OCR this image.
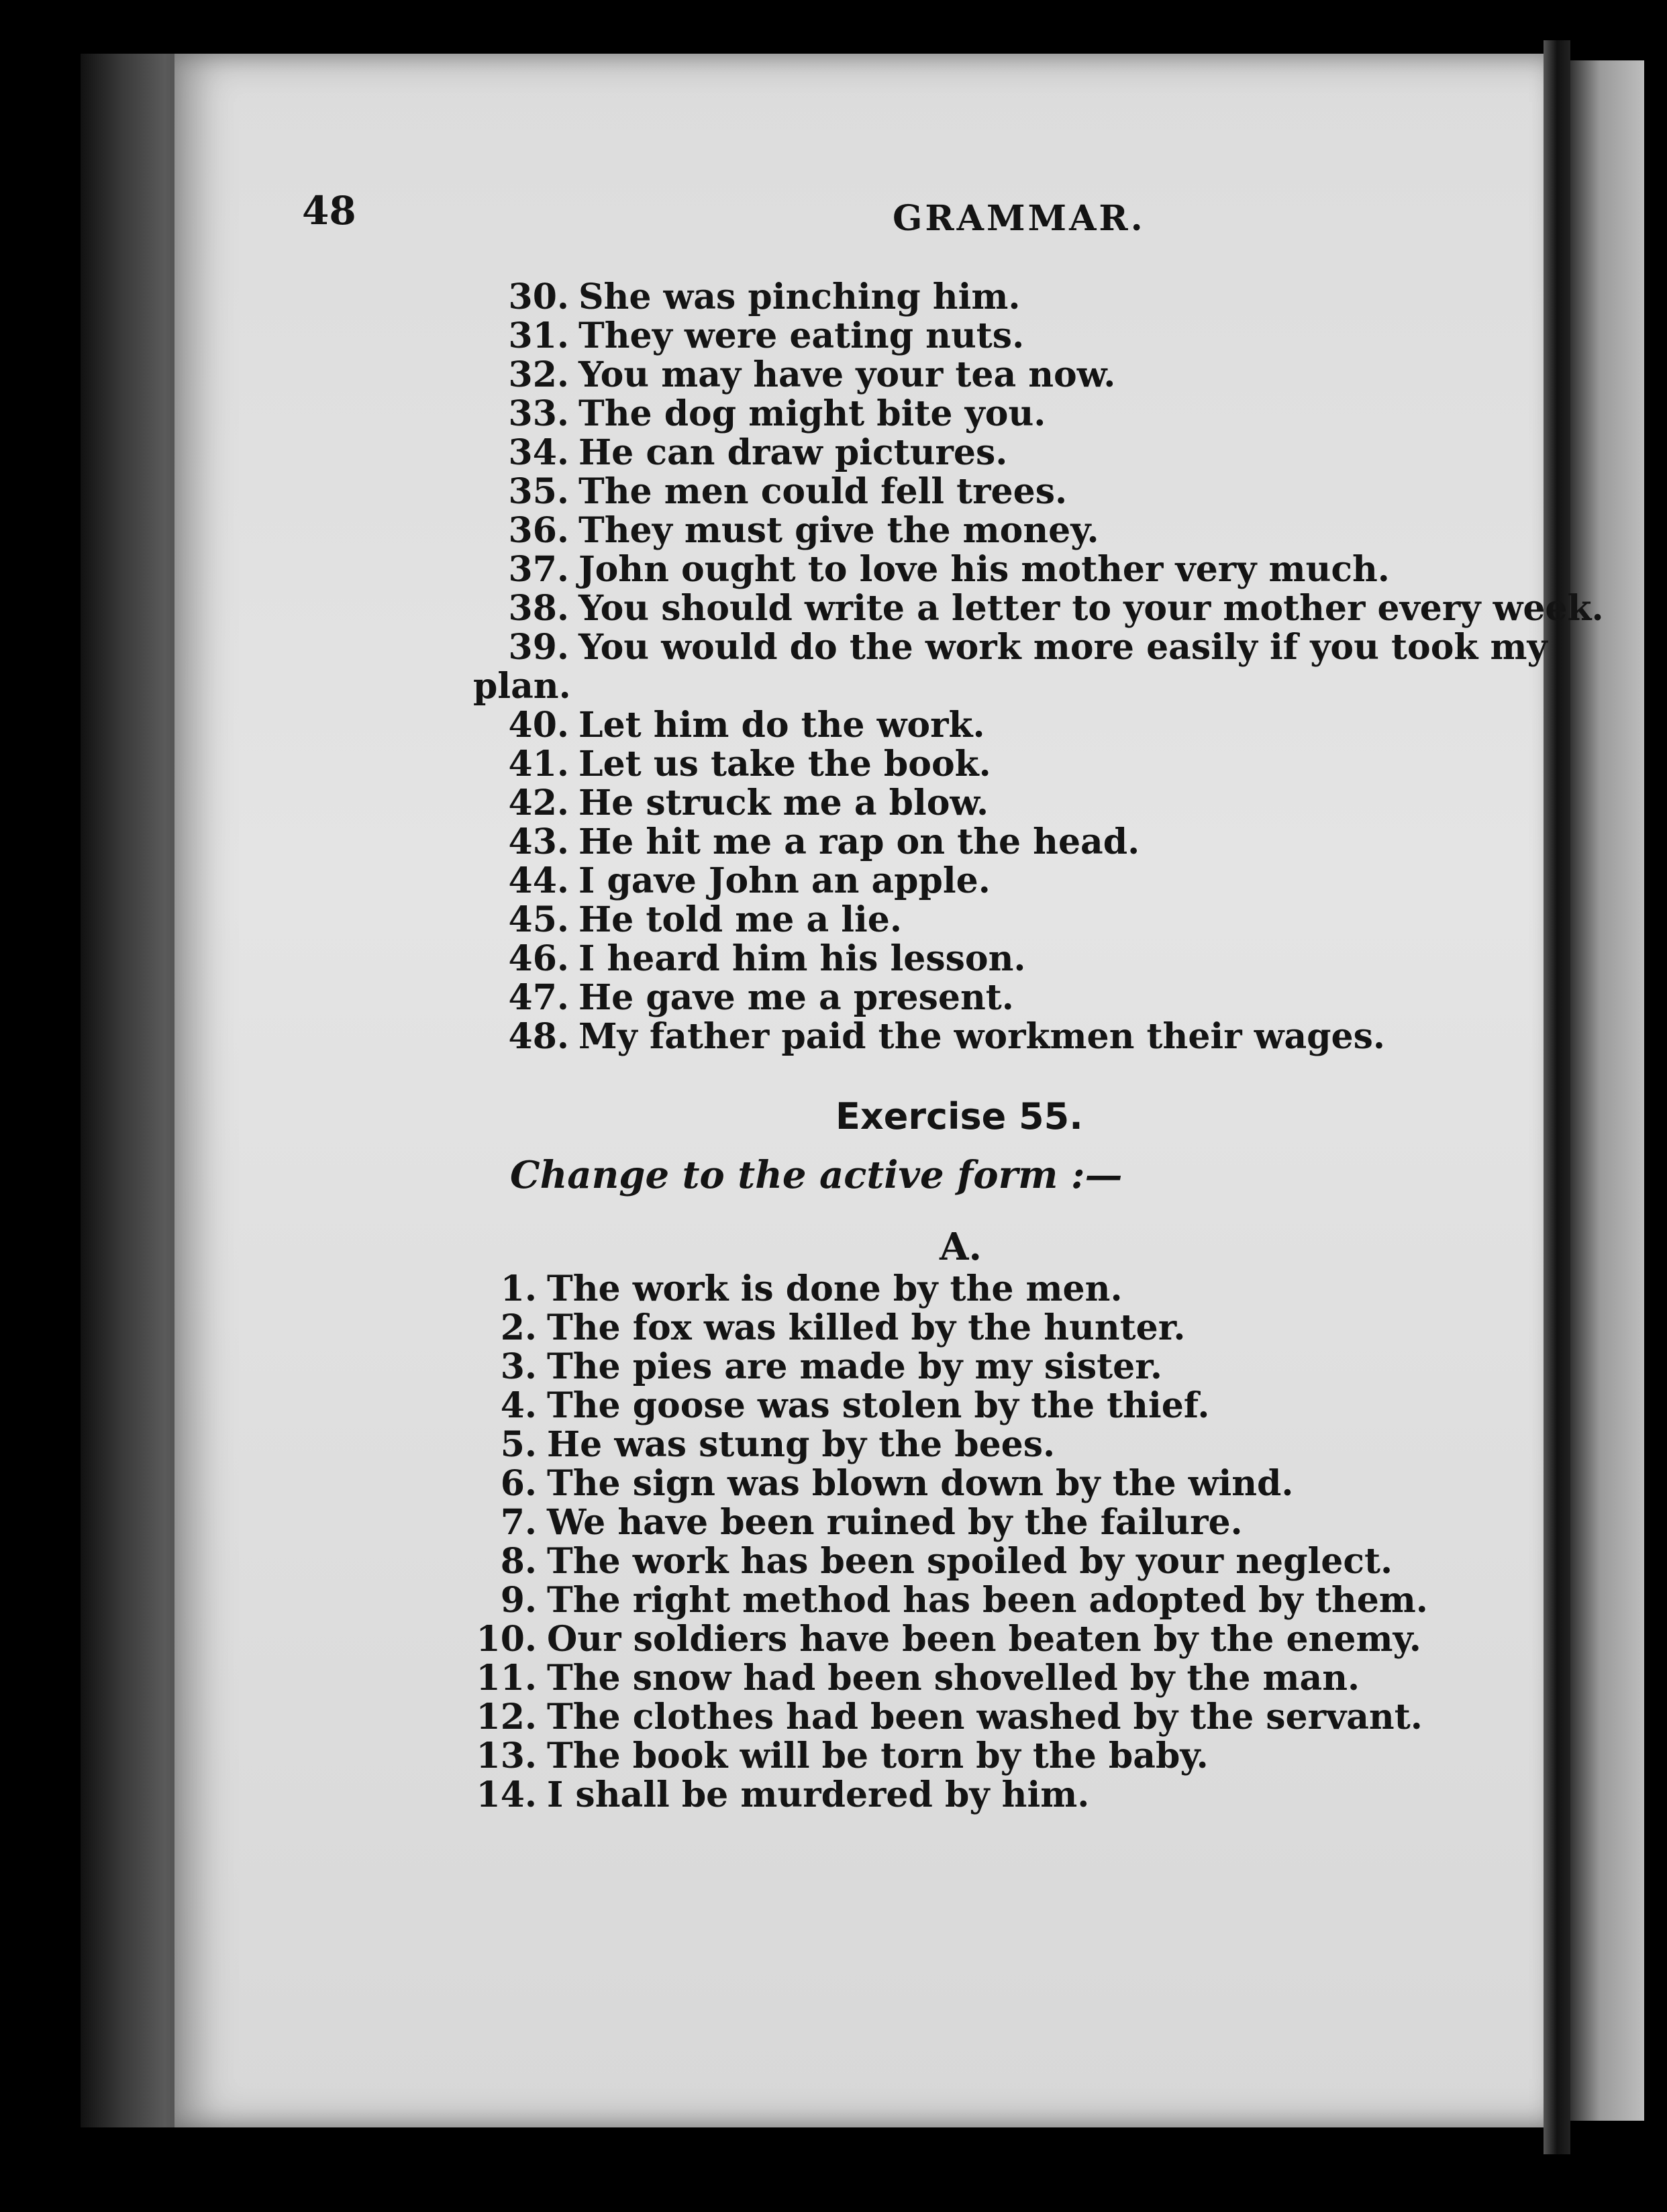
48	GRAMMAR.
30. She was pinching him.
31. They were eating nuts.
32. You may have your tea now.
33. The dog might bite you.
34. He can draw pictures.
35. The men could fell trees.
36. They must give the money.
37. John ought to love his mother very much.
38. You should write a letter to your mother every week.
39. You would do the work more easily if you took my
plan.
40. Let him do the work.
41. Let us take the book.
42. He struck me a blow.
43. He hit me a rap on the head.
44. I gave John an apple.
45. He told me a lie.
46. I heard him his lesson.
47. He gave me a present.
48. My father paid the workmen their wages.
Exercise 55.
Change to the active form :—
A.
1. The work is done by the men.
2. The fox was killed by the hunter.
3. The pies are made by my sister.
4. The goose was stolen by the thief.
5. He was stung by the bees.
6. The sign was blown down by the wind.
7. We have been ruined by the failure.
8. The work has been spoiled by your neglect.
9. The right method has been adopted by them.
10. Our soldiers have been beaten by the enemy.
11. The snow had been shovelled by the man.
12. The clothes had been washed by the servant.
13. The book will be torn by the baby.
14. I shall be murdered by him.
